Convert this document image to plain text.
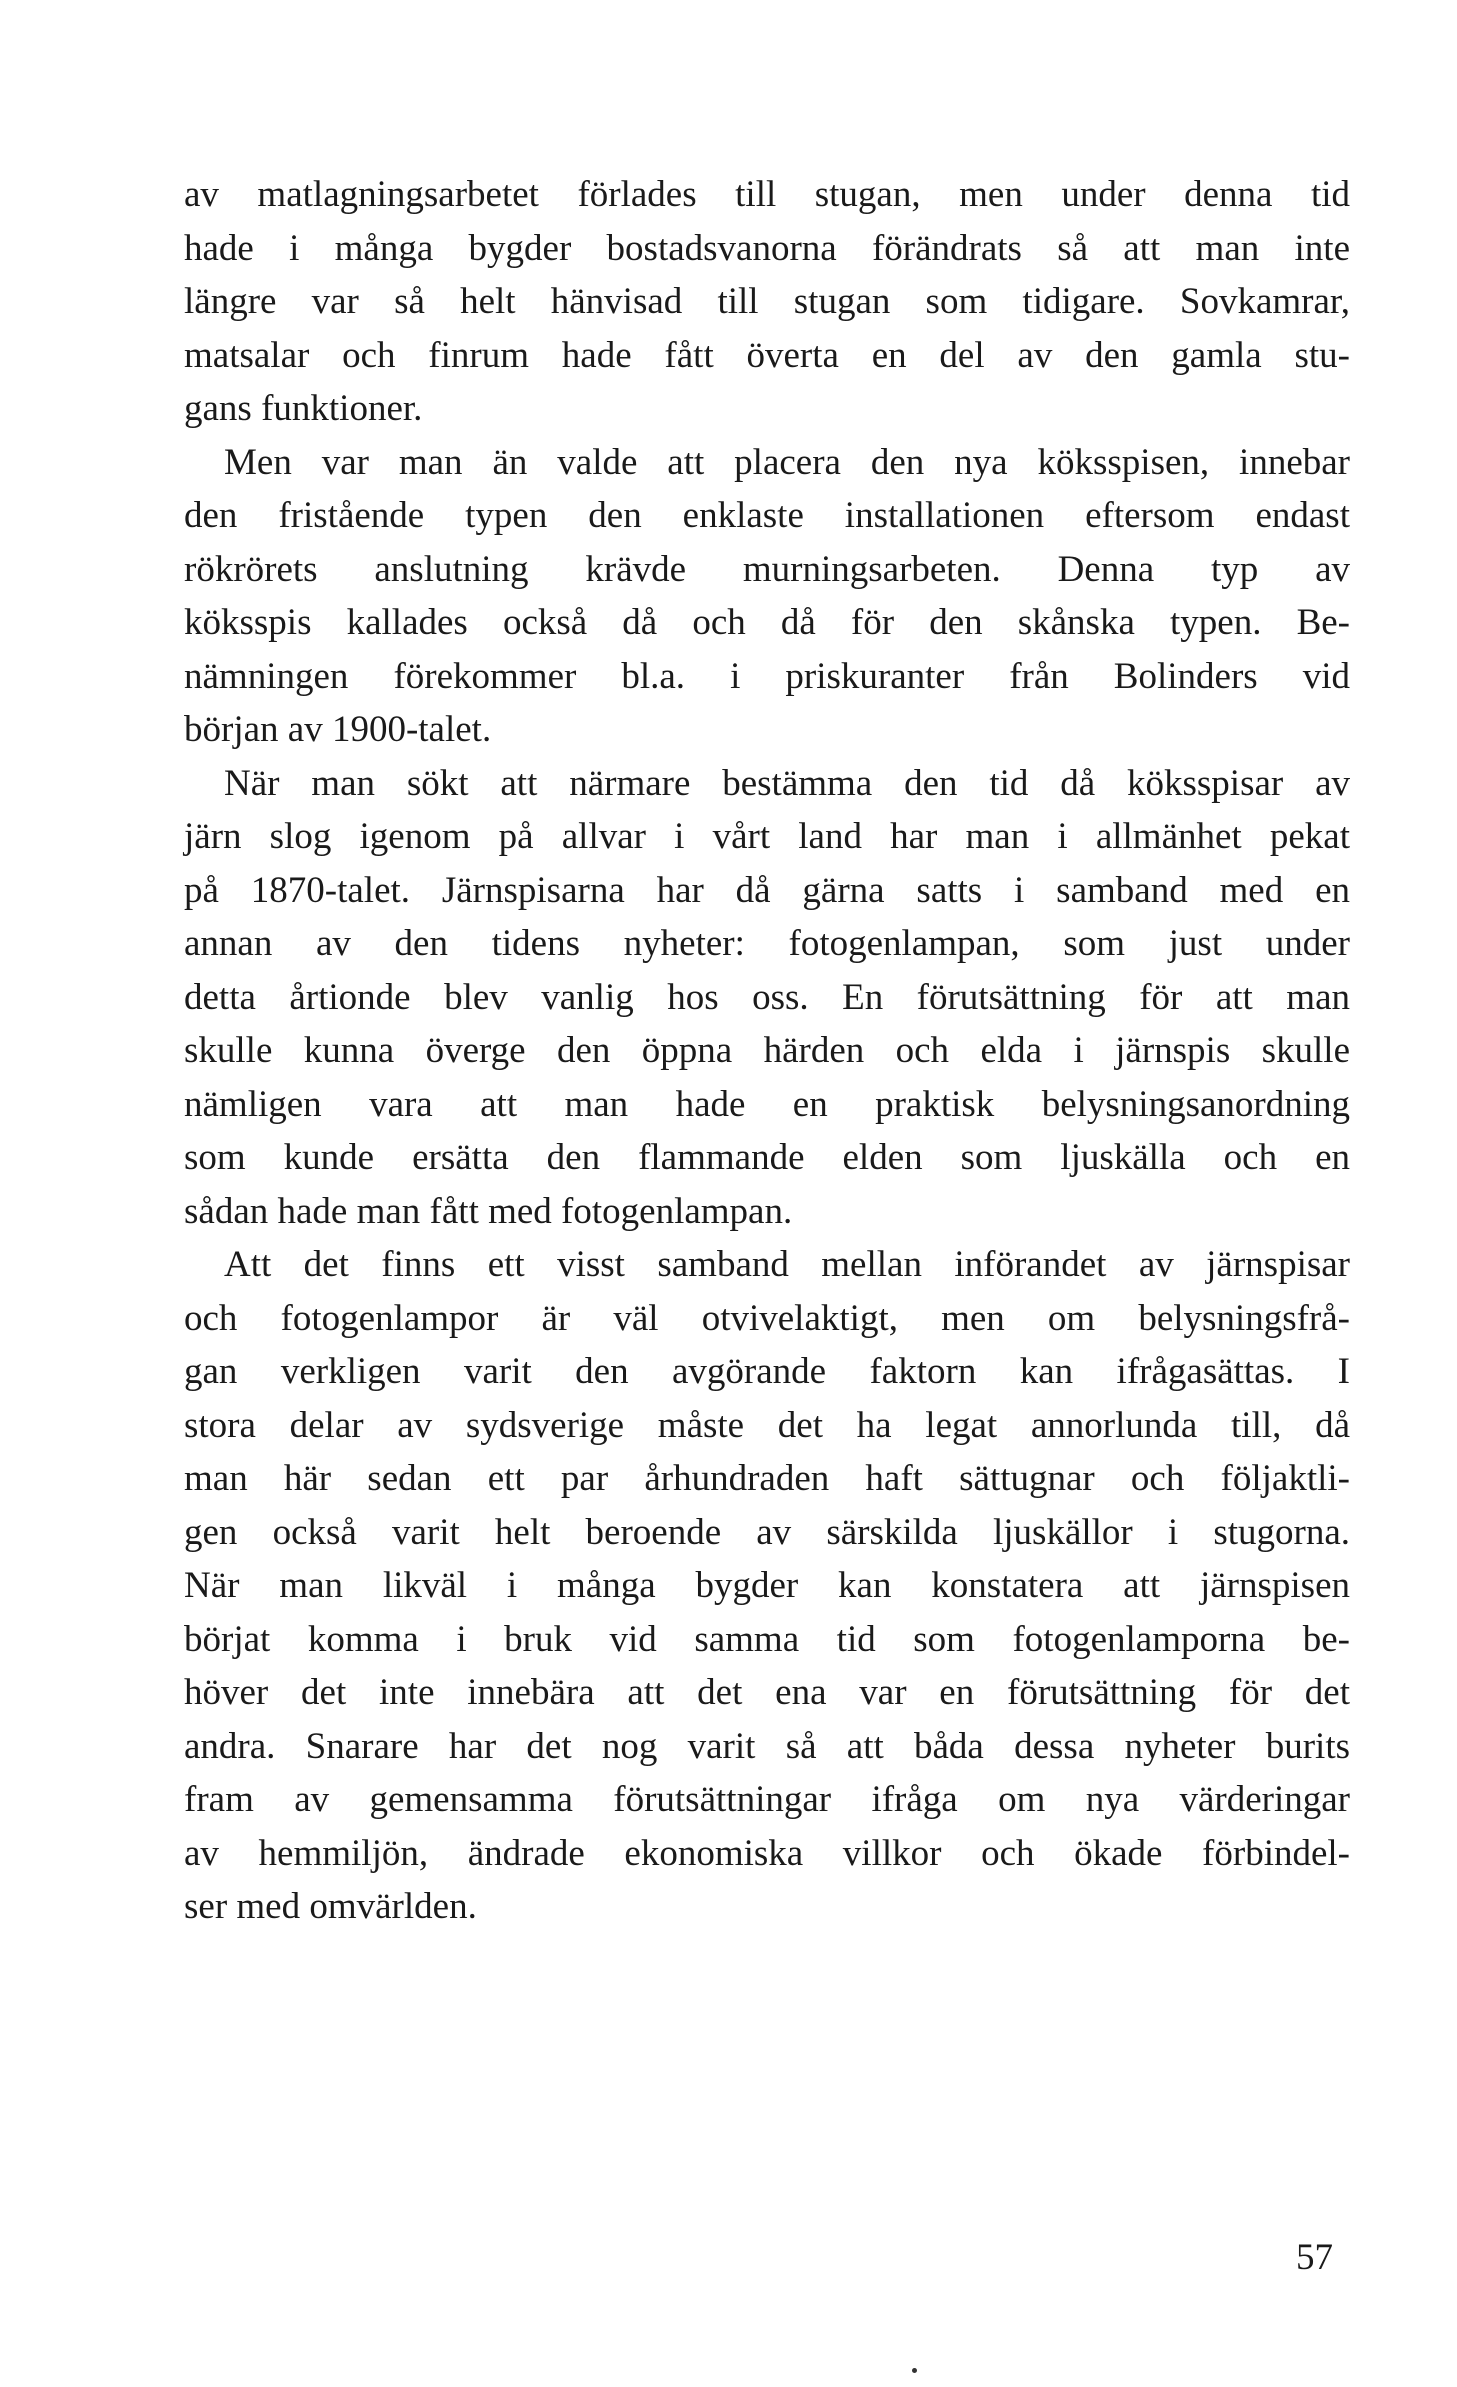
av matlagningsarbetet förlades till stugan, men under denna tid
hade i många bygder bostadsvanorna förändrats så att man inte
längre var så helt hänvisad till stugan som tidigare. Sovkamrar,
matsalar och finrum hade fått överta en del av den gamla stu-
gans funktioner.
Men var man än valde att placera den nya köksspisen, innebar
den fristående typen den enklaste installationen eftersom endast
rökrörets anslutning krävde murningsarbeten. Denna typ av
köksspis kallades också då och då för den skånska typen. Be-
nämningen förekommer bl.a. i priskuranter från Bolinders vid
början av 1900-talet.
När man sökt att närmare bestämma den tid då köksspisar av
järn slog igenom på allvar i vårt land har man i allmänhet pekat
på 1870-talet. Järnspisarna har då gärna satts i samband med en
annan av den tidens nyheter: fotogenlampan, som just under
detta årtionde blev vanlig hos oss. En förutsättning för att man
skulle kunna överge den öppna härden och elda i järnspis skulle
nämligen vara att man hade en praktisk belysningsanordning
som kunde ersätta den flammande elden som ljuskälla och en
sådan hade man fått med fotogenlampan.
Att det finns ett visst samband mellan införandet av järnspisar
och fotogenlampor är väl otvivelaktigt, men om belysningsfrå-
gan verkligen varit den avgörande faktorn kan ifrågasättas. I
stora delar av sydsverige måste det ha legat annorlunda till, då
man här sedan ett par århundraden haft sättugnar och följaktli-
gen också varit helt beroende av särskilda ljuskällor i stugorna.
När man likväl i många bygder kan konstatera att järnspisen
börjat komma i bruk vid samma tid som fotogenlamporna be-
höver det inte innebära att det ena var en förutsättning för det
andra. Snarare har det nog varit så att båda dessa nyheter burits
fram av gemensamma förutsättningar ifråga om nya värderingar
av hemmiljön, ändrade ekonomiska villkor och ökade förbindel-
ser med omvärlden.
57
